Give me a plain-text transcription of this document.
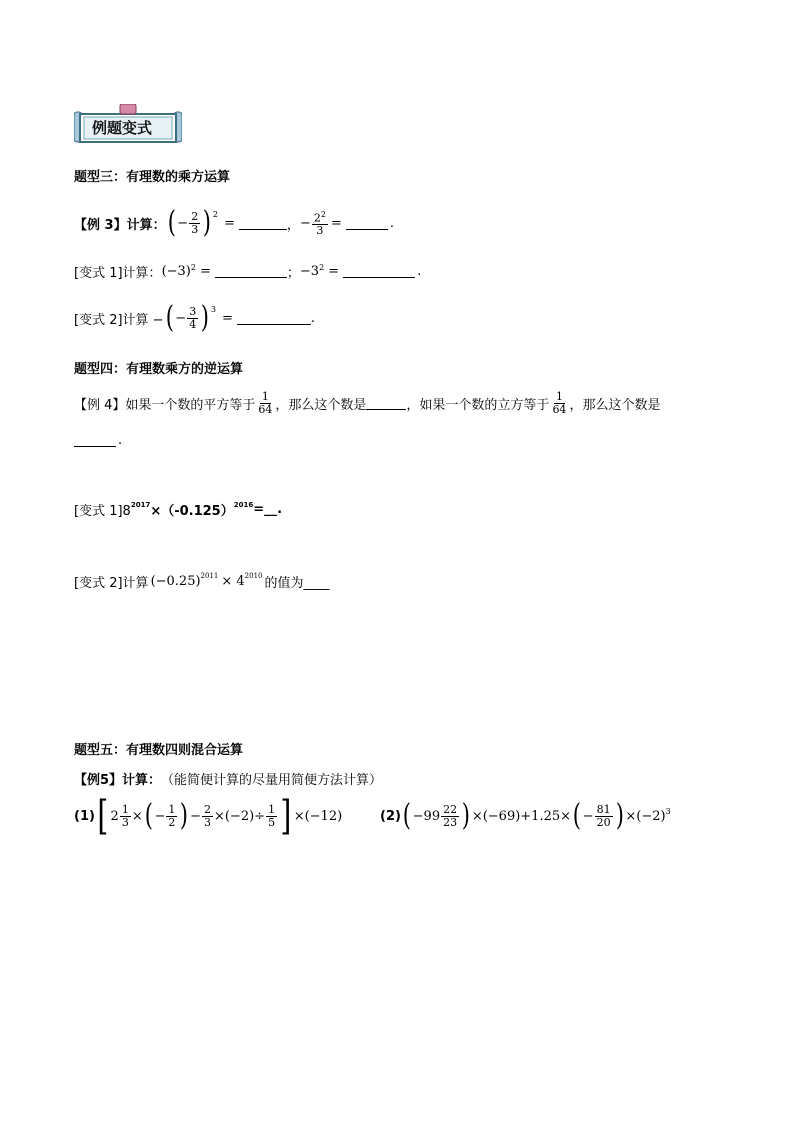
例题变式
题型三：有理数的乘方运算
【例 3】计算： ( − $\frac{2}{3} )^2$
=	， − $\frac{2^2}{3}$ =	.
[变式 1]计算： $(-3)^2$ =	； $-3^2$ =	.
[变式 2]计算 − ( − $\frac{3}{4} )^3$
=	.
题型四：有理数乘方的逆运算
【例 4】如果一个数的平方等于 $\frac{1}{64}$ ，那么这个数是	，如果一个数的立方等于 $\frac{1}{64}$ ，那么这个数是
.
[变式 $1]8^{2017} \times(-0.125)^{2016}$ =__.
[变式 2]计算 $(-0.25)^{2011} \times 4^{2010}$ 的值为____
题型五：有理数四则混合运算
【例5】计算： （能简便计算的尽量用简便方法计算）
(1) [ $2 \frac{1}{3}$ × ( − $\frac{1}{2}$ ) − $\frac{2}{3} \times(-2)\div \frac{1}{5}$ ] ×(−12)	(2) ( $-99 \frac{22}{23}$ ) ×(−69)+1.25× ( − $\frac{81}{20}$ ) $\times(-2)^3$
